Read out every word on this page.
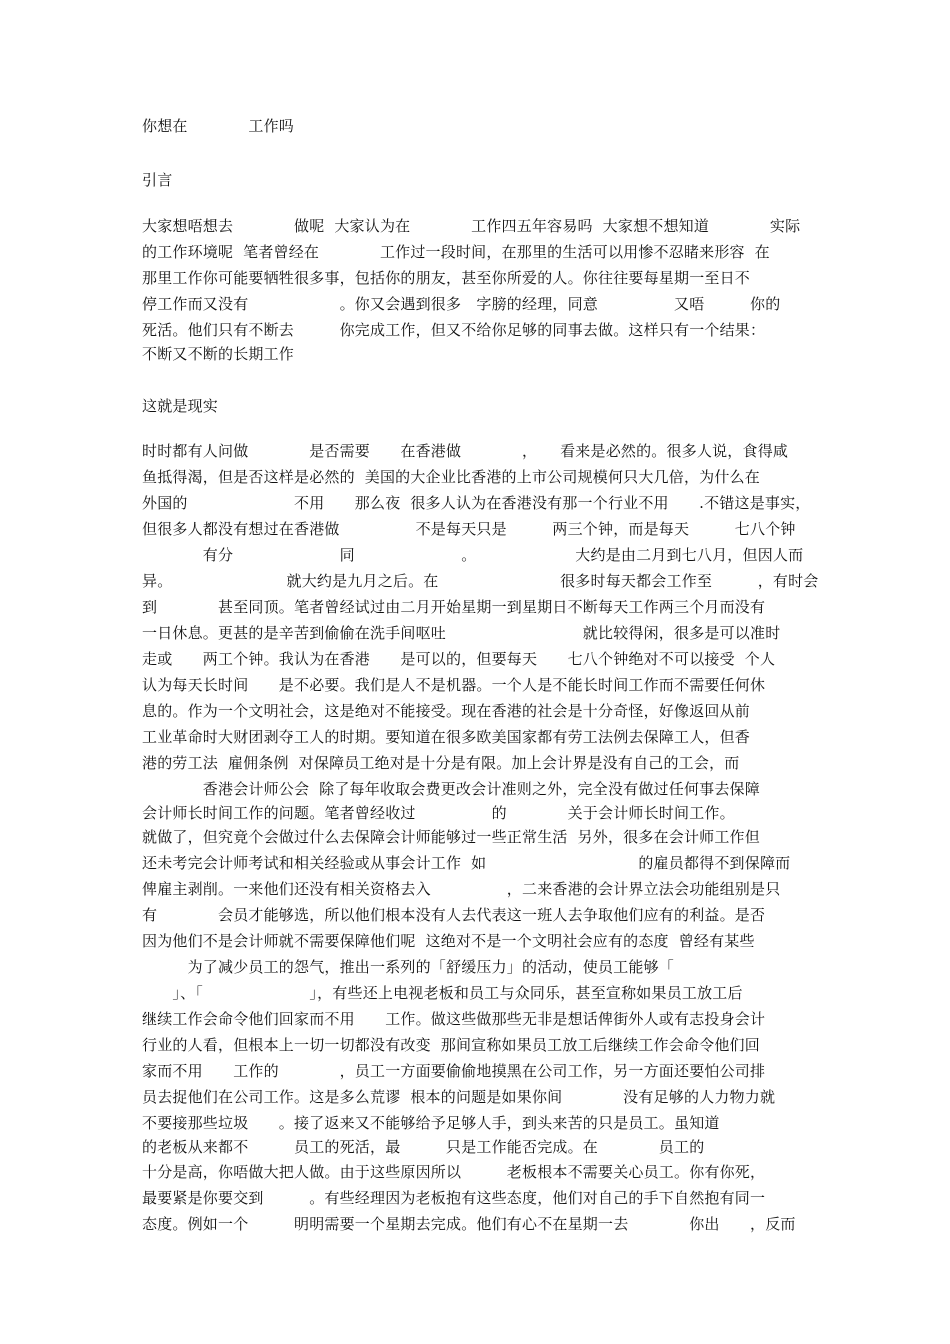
你想在　　　　工作吗
引言
大家想唔想去　　　　做呢  大家认为在　　　　工作四五年容易吗  大家想不想知道　　　　实际
的工作环境呢  笔者曾经在　　　　工作过一段时间，在那里的生活可以用惨不忍睹来形容  在
那里工作你可能要牺牲很多事，包括你的朋友，甚至你所爱的人。你往往要每星期一至日不
停工作而又没有　　　　　　。你又会遇到很多　字膀的经理，同意　　　　　又唔　　　你的
死活。他们只有不断去　　　你完成工作，但又不给你足够的同事去做。这样只有一个结果：
不断又不断的长期工作
这就是现实
时时都有人问做　　　　是否需要　　在香港做　　　　，　　看来是必然的。很多人说，食得咸
鱼抵得渴，但是否这样是必然的  美国的大企业比香港的上市公司规模何只大几倍，为什么在
外国的　　　　　　　不用　　那么夜  很多人认为在香港没有那一个行业不用　　.不错这是事实，
但很多人都没有想过在香港做　　　　　不是每天只是　　　两三个钟，而是每天　　　七八个钟
　　　　有分　　　　　　　同　　　　　　　。　　　　　　　大约是由二月到七八月，但因人而
异。　　　　　　　　就大约是九月之后。在　　　　　　　　很多时每天都会工作至　　　，有时会
到　　　　甚至同顶。笔者曾经试过由二月开始星期一到星期日不断每天工作两三个月而没有
一日休息。更甚的是辛苦到偷偷在洗手间呕吐　　　　　　　　　就比较得闲，很多是可以准时
走或　　两工个钟。我认为在香港　　是可以的，但要每天　　七八个钟绝对不可以接受  个人
认为每天长时间　　是不必要。我们是人不是机器。一个人是不能长时间工作而不需要任何休
息的。作为一个文明社会，这是绝对不能接受。现在香港的社会是十分奇怪，好像返回从前
工业革命时大财团剥夺工人的时期。要知道在很多欧美国家都有劳工法例去保障工人，但香
港的劳工法  雇佣条例  对保障员工绝对是十分是有限。加上会计界是没有自己的工会，而
　　　　香港会计师公会  除了每年收取会费更改会计准则之外，完全没有做过任何事去保障
会计师长时间工作的问题。笔者曾经收过　　　　　的　　　　关于会计师长时间工作。
就做了，但究竟个会做过什么去保障会计师能够过一些正常生活  另外，很多在会计师工作但
还未考完会计师考试和相关经验或从事会计工作  如　　　　　　　　　　的雇员都得不到保障而
俾雇主剥削。一来他们还没有相关资格去入　　　　　，二来香港的会计界立法会功能组别是只
有　　　　会员才能够选，所以他们根本没有人去代表这一班人去争取他们应有的利益。是否
因为他们不是会计师就不需要保障他们呢  这绝对不是一个文明社会应有的态度  曾经有某些
　　　为了减少员工的怨气，推出一系列的「舒缓压力」的活动，使员工能够「
　　」、「　　　　　　　」，有些还上电视老板和员工与众同乐，甚至宣称如果员工放工后
继续工作会命令他们回家而不用　　工作。做这些做那些无非是想话俾街外人或有志投身会计
行业的人看，但根本上一切一切都没有改变  那间宣称如果员工放工后继续工作会命令他们回
家而不用　　工作的　　　　，员工一方面要偷偷地摸黑在公司工作，另一方面还要怕公司排
员去捉他们在公司工作。这是多么荒谬  根本的问题是如果你间　　　　没有足够的人力物力就
不要接那些垃圾　　。接了返来又不能够给予足够人手，到头来苦的只是员工。虽知道
的老板从来都不　　　员工的死活，最　　　只是工作能否完成。在　　　　员工的
十分是高，你唔做大把人做。由于这些原因所以　　　老板根本不需要关心员工。你有你死，
最要紧是你要交到　　　。有些经理因为老板抱有这些态度，他们对自己的手下自然抱有同一
态度。例如一个　　　明明需要一个星期去完成。他们有心不在星期一去　　　　你出　　，反而
